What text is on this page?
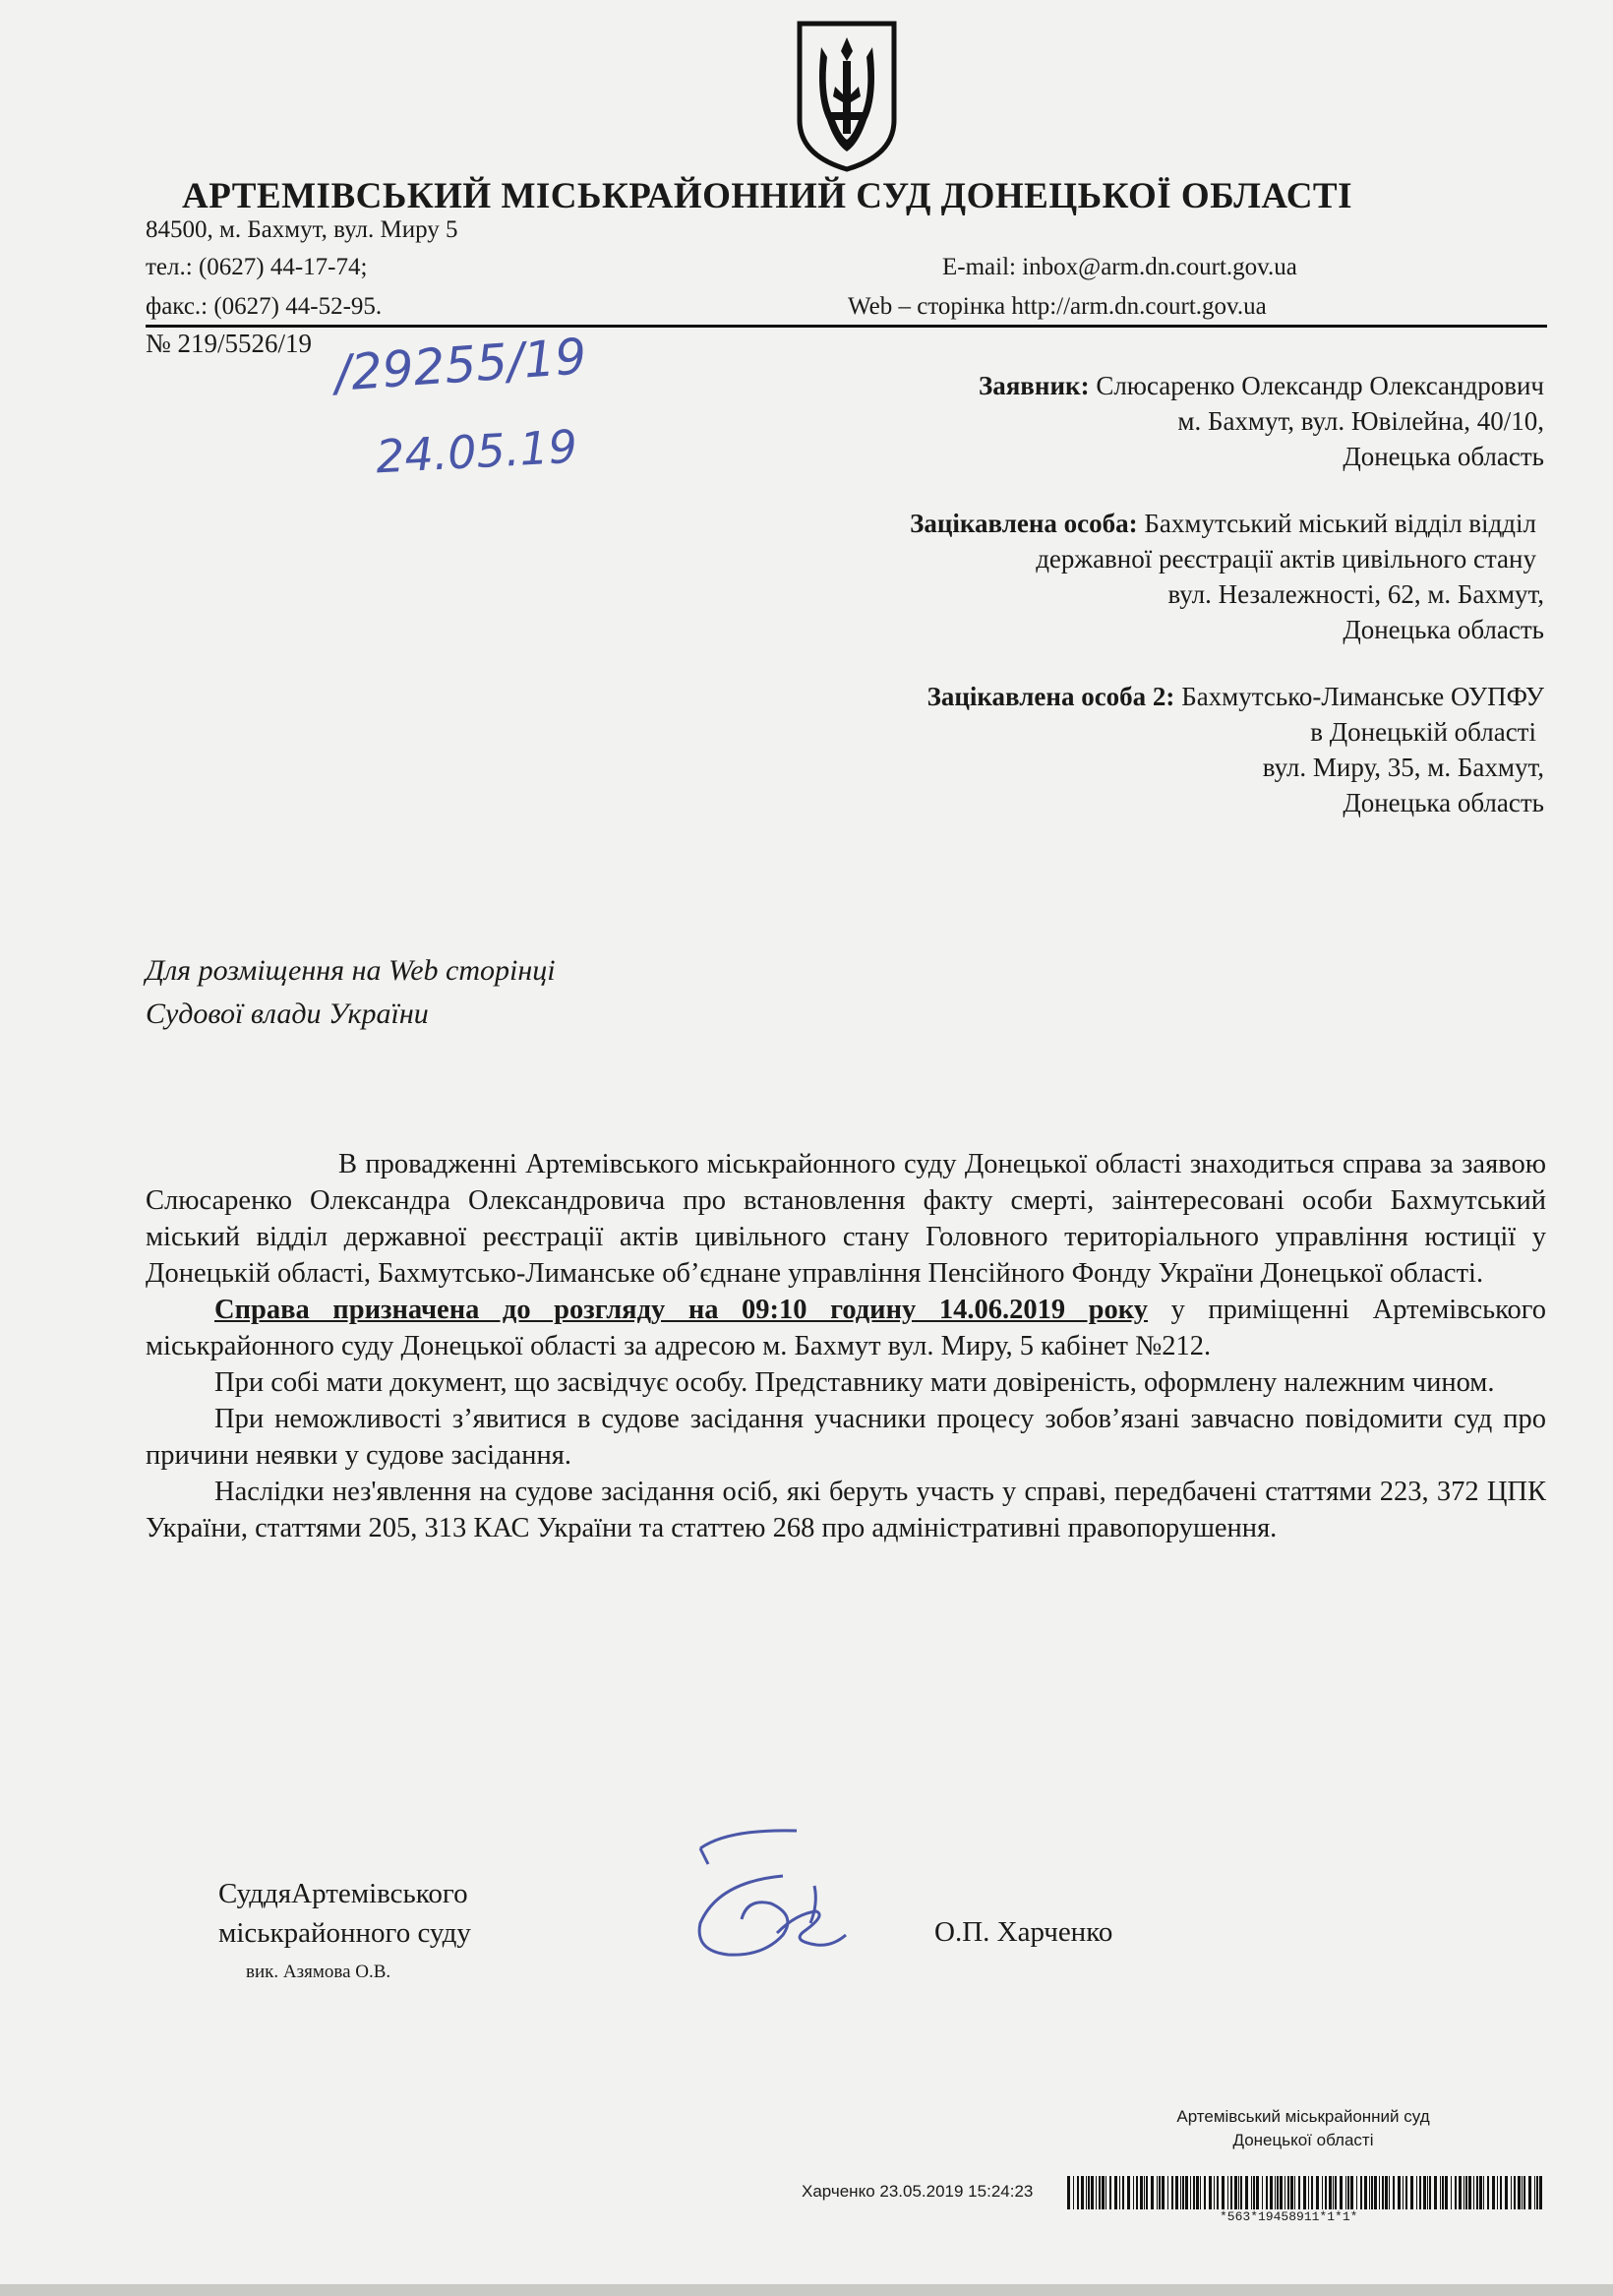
АРТЕМІВСЬКИЙ МІСЬКРАЙОННИЙ СУД ДОНЕЦЬКОЇ ОБЛАСТІ
84500, м. Бахмут, вул. Миру 5
тел.: (0627) 44-17-74;
факс.: (0627) 44-52-95.
E-mail: inbox@arm.dn.court.gov.ua
Web – сторінка http://arm.dn.court.gov.ua
№ 219/5526/19 /29255/19
24.05.19
Заявник: Слюсаренко Олександр Олександрович
м. Бахмут, вул. Ювілейна, 40/10,
Донецька область
Зацікавлена особа: Бахмутський міський відділ відділ
державної реєстрації актів цивільного стану
вул. Незалежності, 62, м. Бахмут,
Донецька область
Зацікавлена особа 2: Бахмутсько-Лиманське ОУПФУ
в Донецькій області
вул. Миру, 35, м. Бахмут,
Донецька область
Для розміщення на Web сторінці
Судової влади України

В провадженні Артемівського міськрайонного суду Донецької області знаходиться справа за заявою Слюсаренко Олександра Олександровича про встановлення факту смерті, заінтересовані особи Бахмутський міський відділ державної реєстрації актів цивільного стану Головного територіального управління юстиції у Донецькій області, Бахмутсько-Лиманське об’єднане управління Пенсійного Фонду України Донецької області.

Справа призначена до розгляду на 09:10 годину 14.06.2019 року у приміщенні Артемівського міськрайонного суду Донецької області за адресою м. Бахмут вул. Миру, 5 кабінет №212.

При собі мати документ, що засвідчує особу. Представнику мати довіреність, оформлену належним чином.

При неможливості з’явитися в судове засідання учасники процесу зобов’язані завчасно повідомити суд про причини неявки у судове засідання.

Наслідки нез'явлення на судове засідання осіб, які беруть участь у справі, передбачені статтями 223, 372 ЦПК України, статтями 205, 313 КАС України та статтею 268 про адміністративні правопорушення.

СуддяАртемівського
міськрайонного суду
вик. Азямова О.В.
О.П. Харченко
Артемівський міськрайонний суд
Донецької області
Харченко 23.05.2019 15:24:23
*563*19458911*1*1*
